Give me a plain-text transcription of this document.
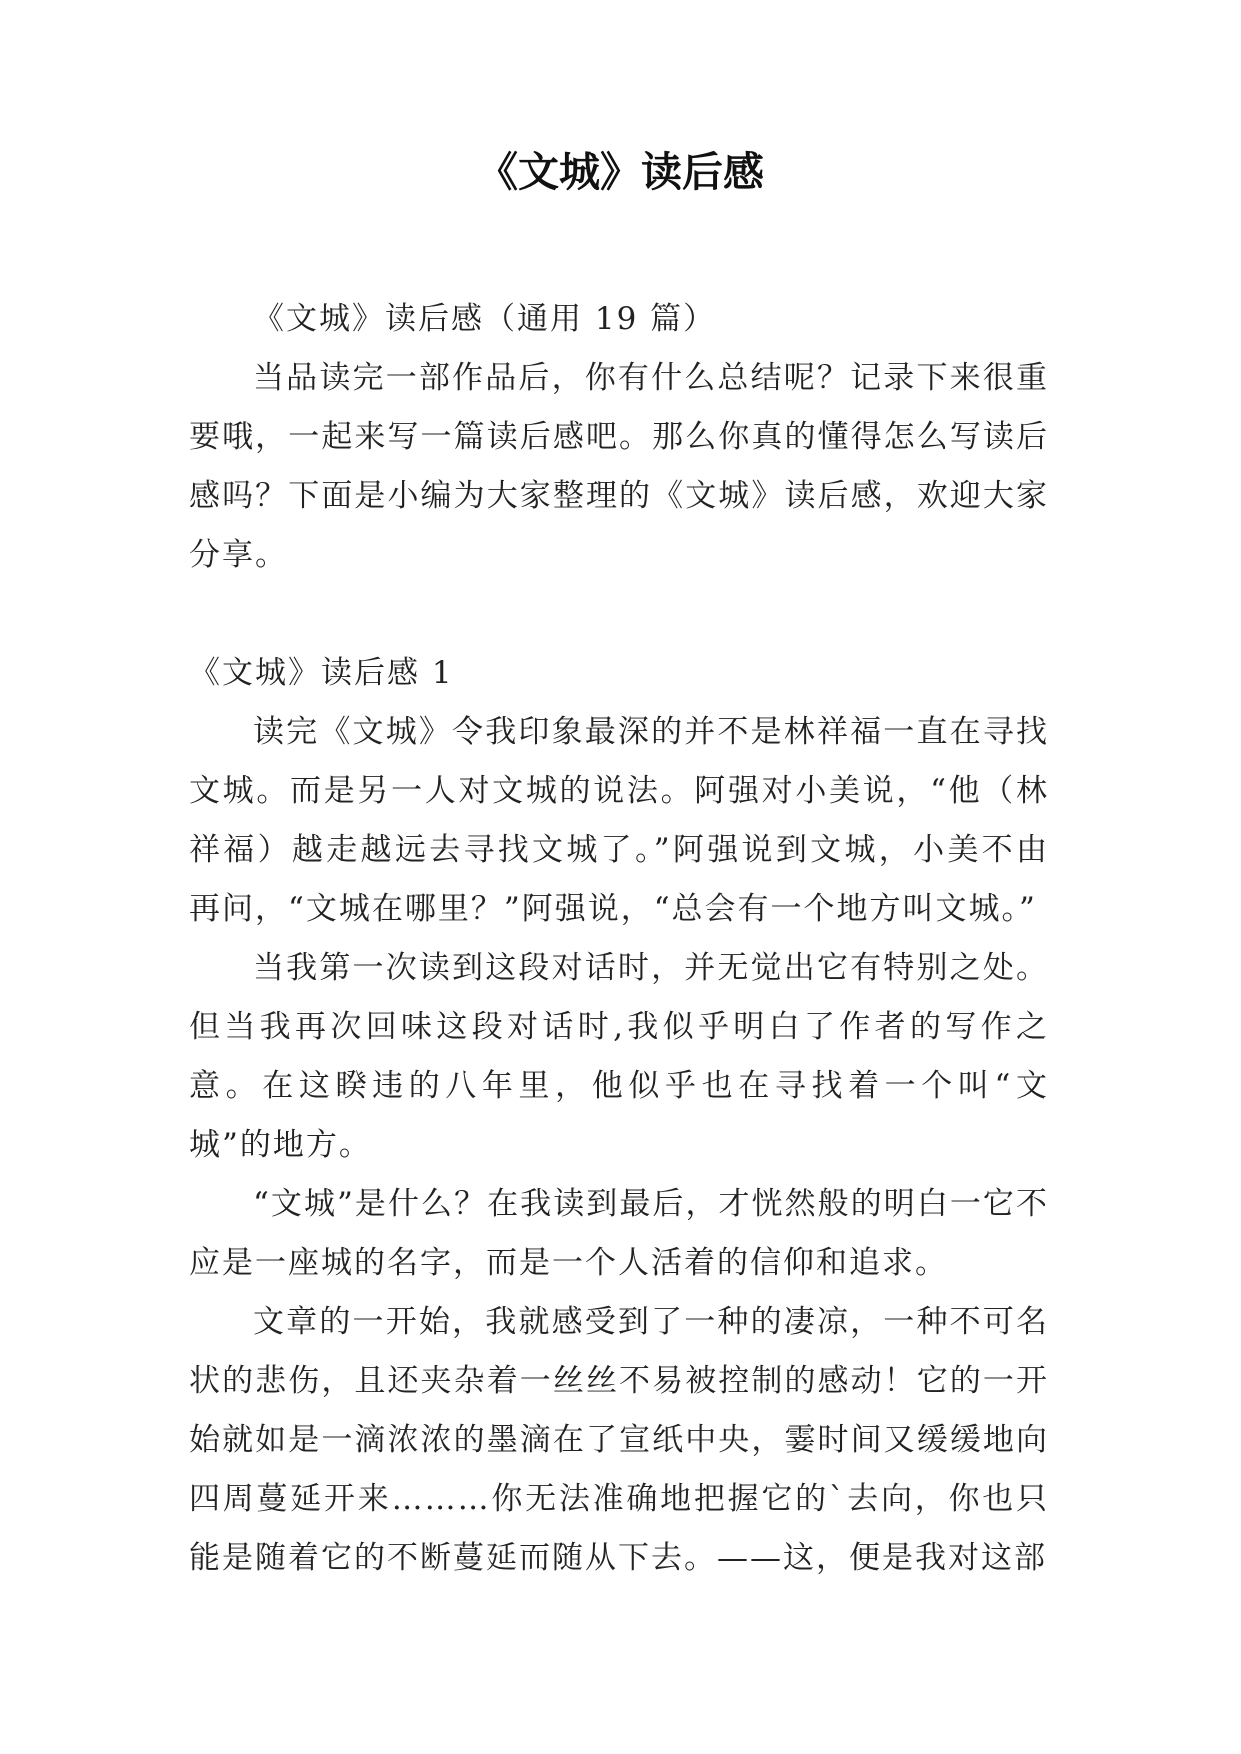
《文城》读后感

《文城》读后感（通用 19 篇）

当品读完一部作品后，你有什么总结呢？记录下来很重要哦，一起来写一篇读后感吧。那么你真的懂得怎么写读后感吗？下面是小编为大家整理的《文城》读后感，欢迎大家分享。

《文城》读后感 1

读完《文城》令我印象最深的并不是林祥福一直在寻找文城。而是另一人对文城的说法。阿强对小美说，“他（林祥福）越走越远去寻找文城了。”阿强说到文城，小美不由再问，“文城在哪里？”阿强说，“总会有一个地方叫文城。”

当我第一次读到这段对话时，并无觉出它有特别之处。但当我再次回味这段对话时,我似乎明白了作者的写作之意。在这睽违的八年里，他似乎也在寻找着一个叫“文城”的地方。

“文城”是什么？在我读到最后，才恍然般的明白一它不应是一座城的名字，而是一个人活着的信仰和追求。

文章的一开始，我就感受到了一种的凄凉，一种不可名状的悲伤，且还夹杂着一丝丝不易被控制的感动！它的一开始就如是一滴浓浓的墨滴在了宣纸中央，霎时间又缓缓地向四周蔓延开来………你无法准确地把握它的`去向，你也只能是随着它的不断蔓延而随从下去。——这，便是我对这部
